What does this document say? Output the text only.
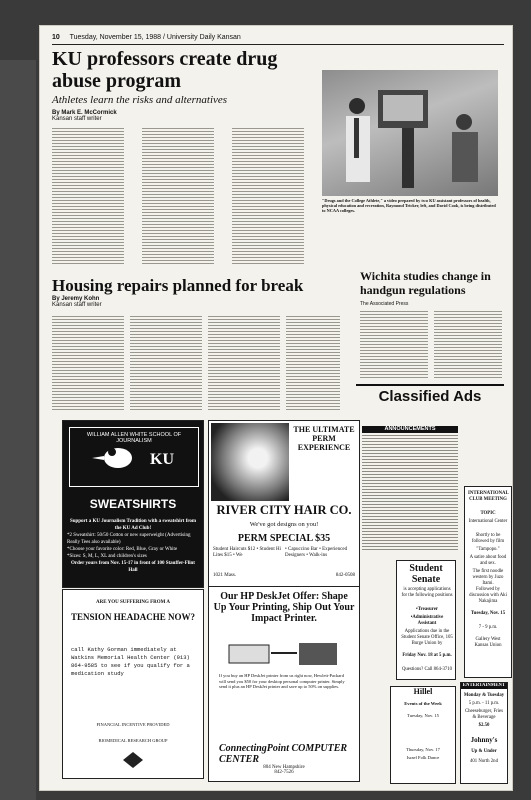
10 Tuesday, November 15, 1988 / University Daily Kansan
KU professors create drug abuse program
Athletes learn the risks and alternatives
By Mark E. McCormick
Kansan staff writer
"Drugs and the College Athlete," a video prepared by two KU assistant professors of health, physical education and recreation, Raymond Tricker, left, and David Cook, is being distributed to NCAA colleges.
Housing repairs planned for break
By Jeremy Kohn
Kansan staff writer
Wichita studies change in handgun regulations
The Associated Press
Classified Ads
ANNOUNCEMENTS
WILLIAM ALLEN WHITE SCHOOL OF JOURNALISM
KU
SWEATSHIRTS
Support a KU Journalism Tradition with a sweatshirt from the KU Ad Club!
*2 Sweatshirt: 50/50 Cotton or new superweight (Advertising Really Tees also available)
*Choose your favorite color: Red, Blue, Gray or White
*Sizes: S, M, L, XL and children's sizes
Order yours from Nov. 15-17 in front of 100 Stauffer-Flint Hall
THE ULTIMATE PERM EXPERIENCE
RIVER CITY HAIR CO.
We've got designs on you!
PERM SPECIAL $35
Student Haircuts $12 • Student Hi Lites $15 • We
• Capuccino Bar • Experienced Designers • Walk-ins
1021 Mass.	842-0508
Our HP DeskJet Offer: Shape Up Your Printing, Ship Out Your Impact Printer.
If you buy an HP DeskJet printer from us right now, Hewlett-Packard will send you $50 for your desktop personal computer printer. Simply send it plus an HP DeskJet printer and save up to 50% on supplies.
ConnectingPoint COMPUTER CENTER
804 New Hampshire
842-7526
ARE YOU SUFFERING FROM A
TENSION HEADACHE NOW?
call Kathy Gorman immediately at Watkins Memorial Health Center (913) 864-9585 to see if you qualify for a medication study
FINANCIAL INCENTIVE PROVIDED
BIOMEDICAL RESEARCH GROUP
INTERNATIONAL CLUB MEETING
TOPIC
International Center
Shortly to be followed by film
"Tampopo."
A satire about food and sex.
The first noodle western by Juzo Itami.
Followed by discussion with Aki Nakajima
Tuesday, Nov. 15
7 - 9 p.m.
Gallery West Kansas Union
Student Senate
is accepting applications for the following positions
•Treasurer
•Administrative Assistant
Applications due in the Student Senate Office, 105 Burge Union by
Friday Nov. 18 at 5 p.m.
Questions? Call 864-3710
Hillel
Events of the Week
Tuesday, Nov. 15
Thursday, Nov. 17
Israel Folk Dance
ENTERTAINMENT
Monday & Tuesday
5 p.m. - 11 p.m.
Cheeseburger, Fries & Beverage
$2.50
Johnny's
Up & Under
401 North 2nd
